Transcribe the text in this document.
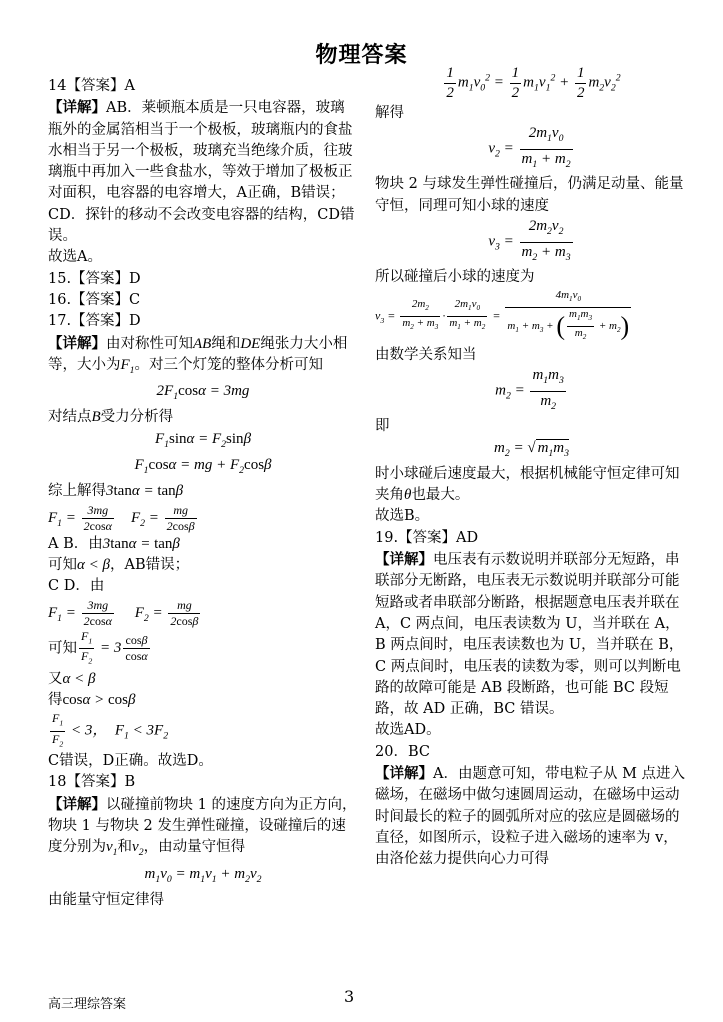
物理答案

14【答案】A

【详解】AB．莱顿瓶本质是一只电容器，玻璃瓶外的金属箔相当于一个极板，玻璃瓶内的食盐水相当于另一个极板，玻璃充当绝缘介质，往玻璃瓶中再加入一些食盐水，等效于增加了极板正对面积，电容器的电容增大，A正确，B错误；

CD．探针的移动不会改变电容器的结构，CD错误。

故选A。

15.【答案】D

16.【答案】C

17.【答案】D

【详解】由对称性可知AB绳和DE绳张力大小相等，大小为$F_1$。对三个灯笼的整体分析可知

$2F_1\cos\alpha = 3mg$

对结点B受力分析得

$F_1\sin\alpha = F_2\sin\beta$

$F_1\cos\alpha$ = mg + $F_2\cos\beta$

综上解得3tanα = tanβ

$F_1 = \frac{3mg}{2\cos\alpha} F_2 = \frac{mg}{2\cos\beta}$

A B．由3tanα = tanβ

可知α < β，AB错误；

C D．由

$F_1 = \frac{3mg}{2\cos\alpha} F_2 = \frac{mg}{2\cos\beta}$

可知 $\frac{F_1}{F_2} = 3 \frac{\cos\beta}{\cos\alpha}$

又α < β

得cosα > cosβ

$\frac{F_1}{F_2} < 3$，  $F_1 < 3F_2$

C错误，D正确。故选D。

18【答案】B

【详解】以碰撞前物块 1 的速度方向为正方向，物块 1 与物块 2 发生弹性碰撞，设碰撞后的速度分别为$v_1$和$v_2$，由动量守恒得

$m_1v_0 = m_1v_1 + m_2v_2$

由能量守恒定律得

$\frac{1}{2} m_1v_0^2 = \frac{1}{2} m_1v_1^2 + \frac{1}{2} m_2v_2^2$

解得

$v_2 = \frac{2m_1v_0}{m_1 + m_2}$

物块 2 与球发生弹性碰撞后，仍满足动量、能量守恒，同理可知小球的速度

$v_3 = \frac{2m_2v_2}{m_2 + m_3}$

所以碰撞后小球的速度为

$v_3 = \frac{2m_2}{m_2 + m_3} \cdot \frac{2m_1v_0}{m_1 + m_2} = \frac{4m_1v_0}{m_1 + m_3 + ( \frac{m_1m_3}{m_2} + m_2)}$

由数学关系知当

$m_2 = \frac{m_1m_3}{m_2}$

即

$m_2$ = √ $m_1m_3$

时小球碰后速度最大，根据机械能守恒定律可知夹角θ也最大。

故选B。

19.【答案】AD

【详解】电压表有示数说明并联部分无短路，串联部分无断路，电压表无示数说明并联部分可能短路或者串联部分断路，根据题意电压表并联在 A，C 两点间，电压表读数为 U，当并联在 A，B 两点间时，电压表读数也为 U，当并联在 B，C 两点间时，电压表的读数为零，则可以判断电路的故障可能是 AB 段断路，也可能 BC 段短路，故 AD 正确，BC 错误。

故选AD。

20．BC

【详解】A．由题意可知，带电粒子从 M 点进入磁场，在磁场中做匀速圆周运动，在磁场中运动时间最长的粒子的圆弧所对应的弦应是圆磁场的直径，如图所示，设粒子进入磁场的速率为 v，由洛伦兹力提供向心力可得

高三理综答案	3
